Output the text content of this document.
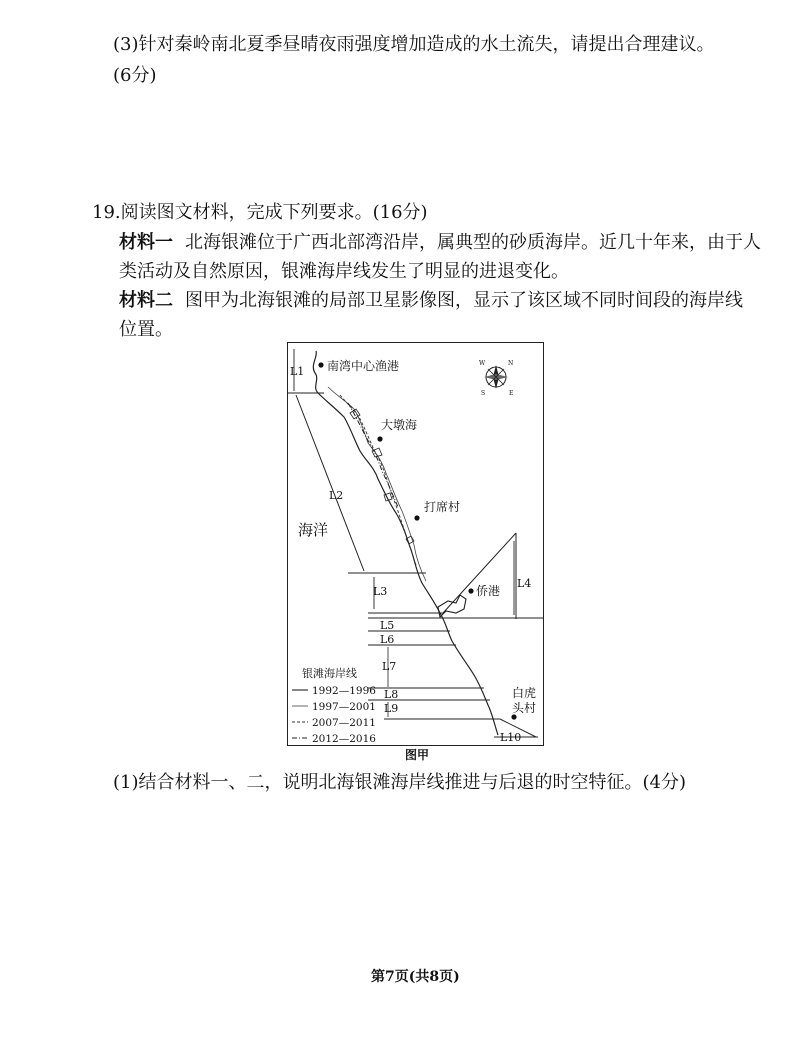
(3)针对秦岭南北夏季昼晴夜雨强度增加造成的水土流失，请提出合理建议。
(6分)
19.阅读图文材料，完成下列要求。(16分)
材料一 北海银滩位于广西北部湾沿岸，属典型的砂质海岸。近几十年来，由于人
类活动及自然原因，银滩海岸线发生了明显的进退变化。
材料二 图甲为北海银滩的局部卫星影像图，显示了该区域不同时间段的海岸线
位置。
南湾中心渔港
大墩海
打席村
侨港
白虎
头村
海洋
W	N
S	E
L1
L2
L3
L4
L5
L6
L7
L8
L9
L10
银滩海岸线
1992—1996
1997—2001
2007—2011
2012—2016
图甲
(1)结合材料一、二，说明北海银滩海岸线推进与后退的时空特征。(4分)
第7页(共8页)
